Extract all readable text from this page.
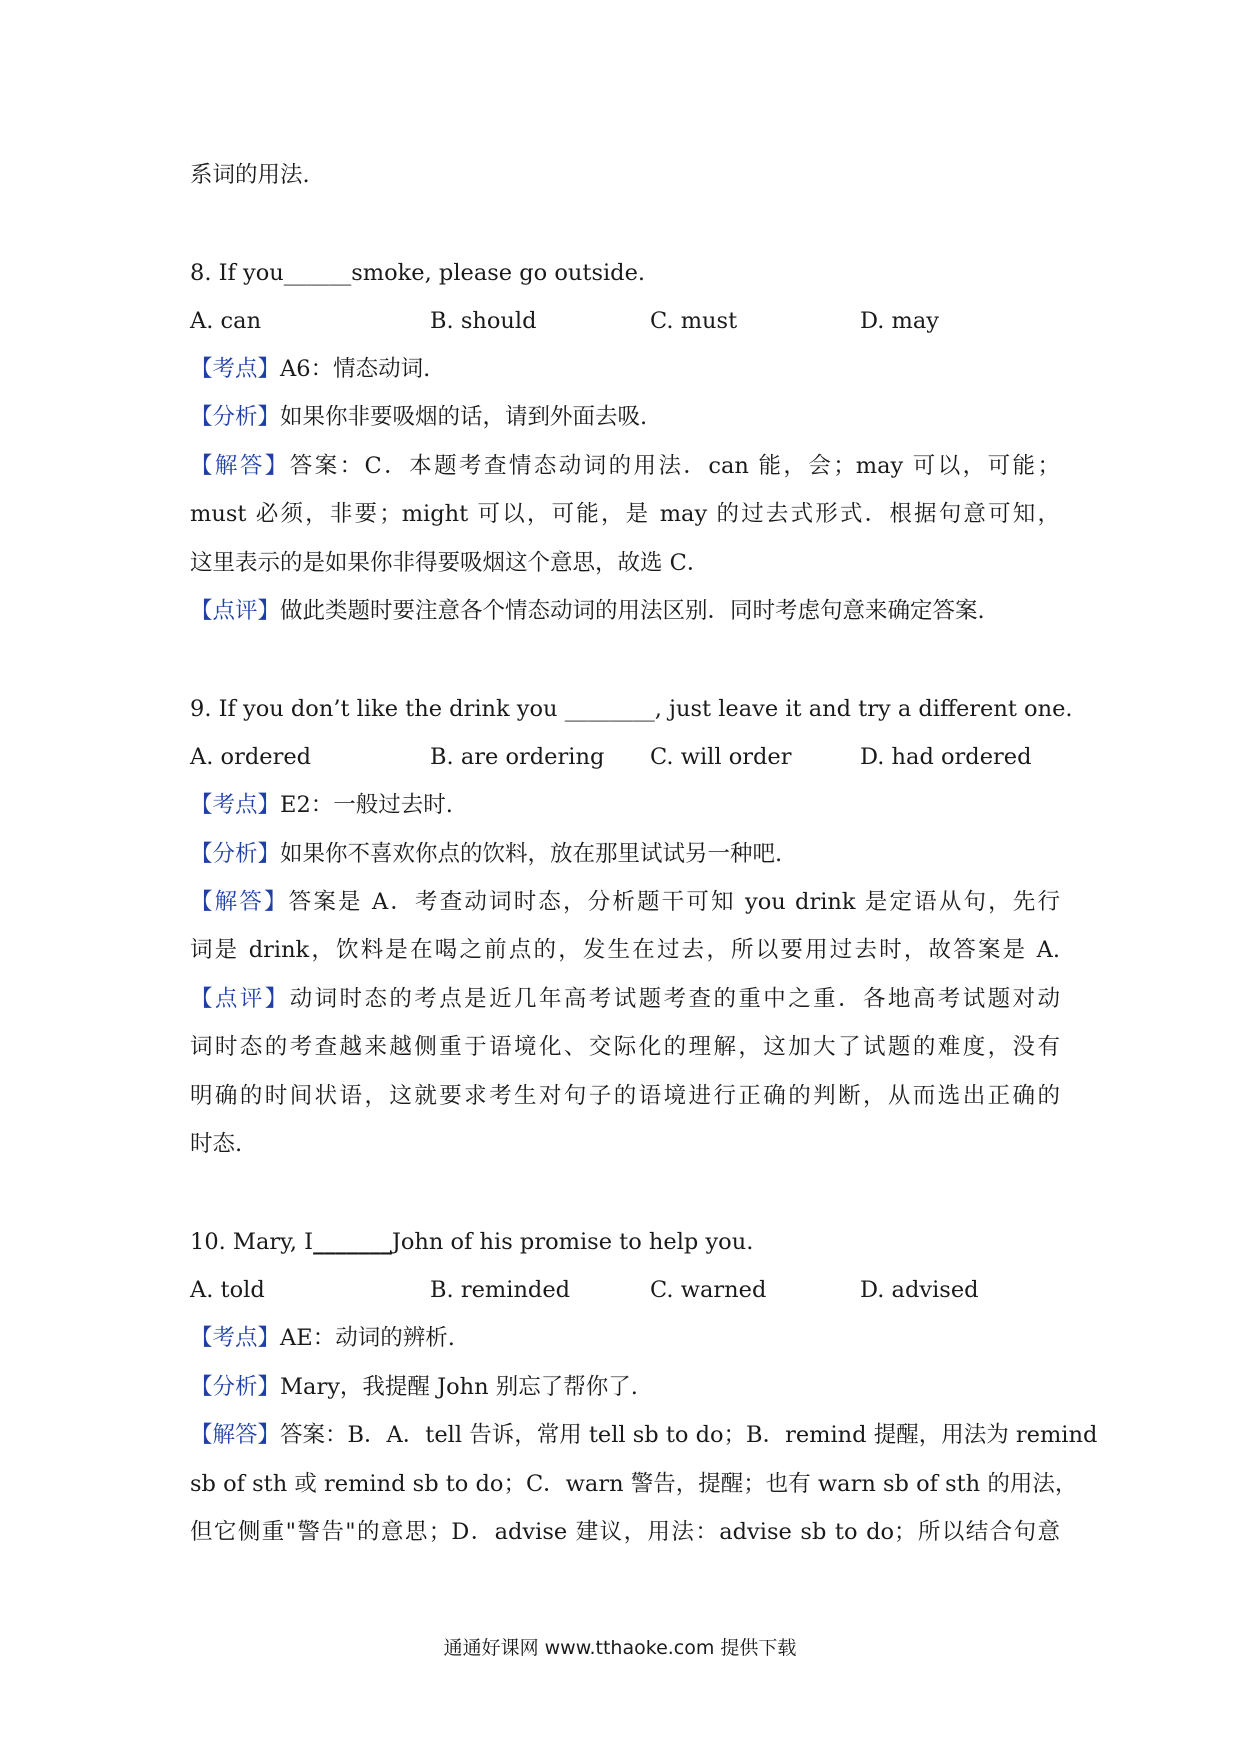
系词的用法.
8. If you______smoke, please go outside.
A. can	B. should	C. must	D. may
【考点】A6：情态动词.
【分析】如果你非要吸烟的话，请到外面去吸.
【解答】答案：C．本题考查情态动词的用法．can 能，会；may 可以，可能；
must 必须，非要；might 可以，可能，是 may 的过去式形式．根据句意可知，
这里表示的是如果你非得要吸烟这个意思，故选 C．
【点评】做此类题时要注意各个情态动词的用法区别．同时考虑句意来确定答案.
9. If you don’t like the drink you ________, just leave it and try a different one.
A. ordered	B. are ordering C. will order	D. had ordered
【考点】E2：一般过去时.
【分析】如果你不喜欢你点的饮料，放在那里试试另一种吧.
【解答】答案是 A．考查动词时态，分析题干可知 you drink 是定语从句，先行
词是 drink，饮料是在喝之前点的，发生在过去，所以要用过去时，故答案是 A.
【点评】动词时态的考点是近几年高考试题考查的重中之重．各地高考试题对动
词时态的考查越来越侧重于语境化、交际化的理解，这加大了试题的难度，没有
明确的时间状语，这就要求考生对句子的语境进行正确的判断，从而选出正确的
时态.
10. Mary, I_______John of his promise to help you.
A. told	B. reminded	C. warned	D. advised
【考点】AE：动词的辨析.
【分析】Mary，我提醒 John 别忘了帮你了.
【解答】答案：B．A．tell 告诉，常用 tell sb to do；B．remind 提醒，用法为 remind
sb of sth 或 remind sb to do；C．warn 警告，提醒；也有 warn sb of sth 的用法，
但它侧重"警告"的意思；D．advise 建议，用法：advise sb to do；所以结合句意
通通好课网 www.tthaoke.com 提供下载
